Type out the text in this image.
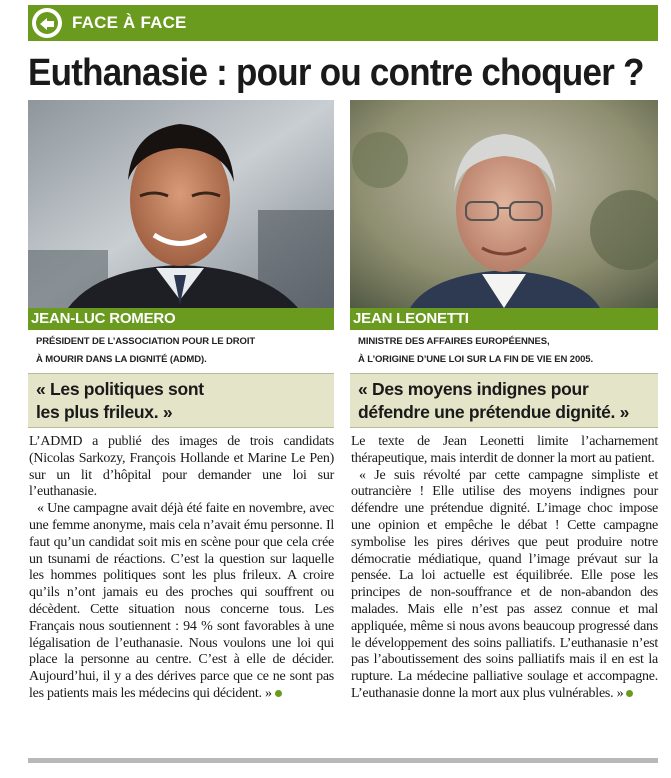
FACE À FACE
Euthanasie : pour ou contre choquer ?
JEAN-LUC ROMERO
PRÉSIDENT DE L’ASSOCIATION POUR LE DROIT
À MOURIR DANS LA DIGNITÉ (ADMD).
« Les politiques sont
les plus frileux. »

L’ADMD a publié des images de trois candidats (Nicolas Sarkozy, François Hollande et Marine Le Pen) sur un lit d’hôpital pour demander une loi sur l’euthanasie.

« Une campagne avait déjà été faite en novembre, avec une femme anonyme, mais cela n’avait ému personne. Il faut qu’un candidat soit mis en scène pour que cela crée un tsunami de réactions. C’est la question sur laquelle les hommes politiques sont les plus frileux. A croire qu’ils n’ont jamais eu des proches qui souffrent ou décèdent. Cette situation nous concerne tous. Les Français nous soutiennent : 94 % sont favorables à une légalisation de l’euthanasie. Nous voulons une loi qui place la personne au centre. C’est à elle de décider. Aujourd’hui, il y a des dérives parce que ce ne sont pas les patients mais les médecins qui décident. »

JEAN LEONETTI
MINISTRE DES AFFAIRES EUROPÉENNES,
À L’ORIGINE D’UNE LOI SUR LA FIN DE VIE EN 2005.
« Des moyens indignes pour
défendre une prétendue dignité. »

Le texte de Jean Leonetti limite l’acharnement thérapeutique, mais interdit de donner la mort au patient.

« Je suis révolté par cette campagne simpliste et outrancière ! Elle utilise des moyens indignes pour défendre une prétendue dignité. L’image choc impose une opinion et empêche le débat ! Cette campagne symbolise les pires dérives que peut produire notre démocratie médiatique, quand l’image prévaut sur la pensée. La loi actuelle est équilibrée. Elle pose les principes de non-souffrance et de non-abandon des malades. Mais elle n’est pas assez connue et mal appliquée, même si nous avons beaucoup progressé dans le développement des soins palliatifs. L’euthanasie n’est pas l’aboutissement des soins palliatifs mais il en est la rupture. La médecine palliative soulage et accompagne. L’euthanasie donne la mort aux plus vulnérables. »
